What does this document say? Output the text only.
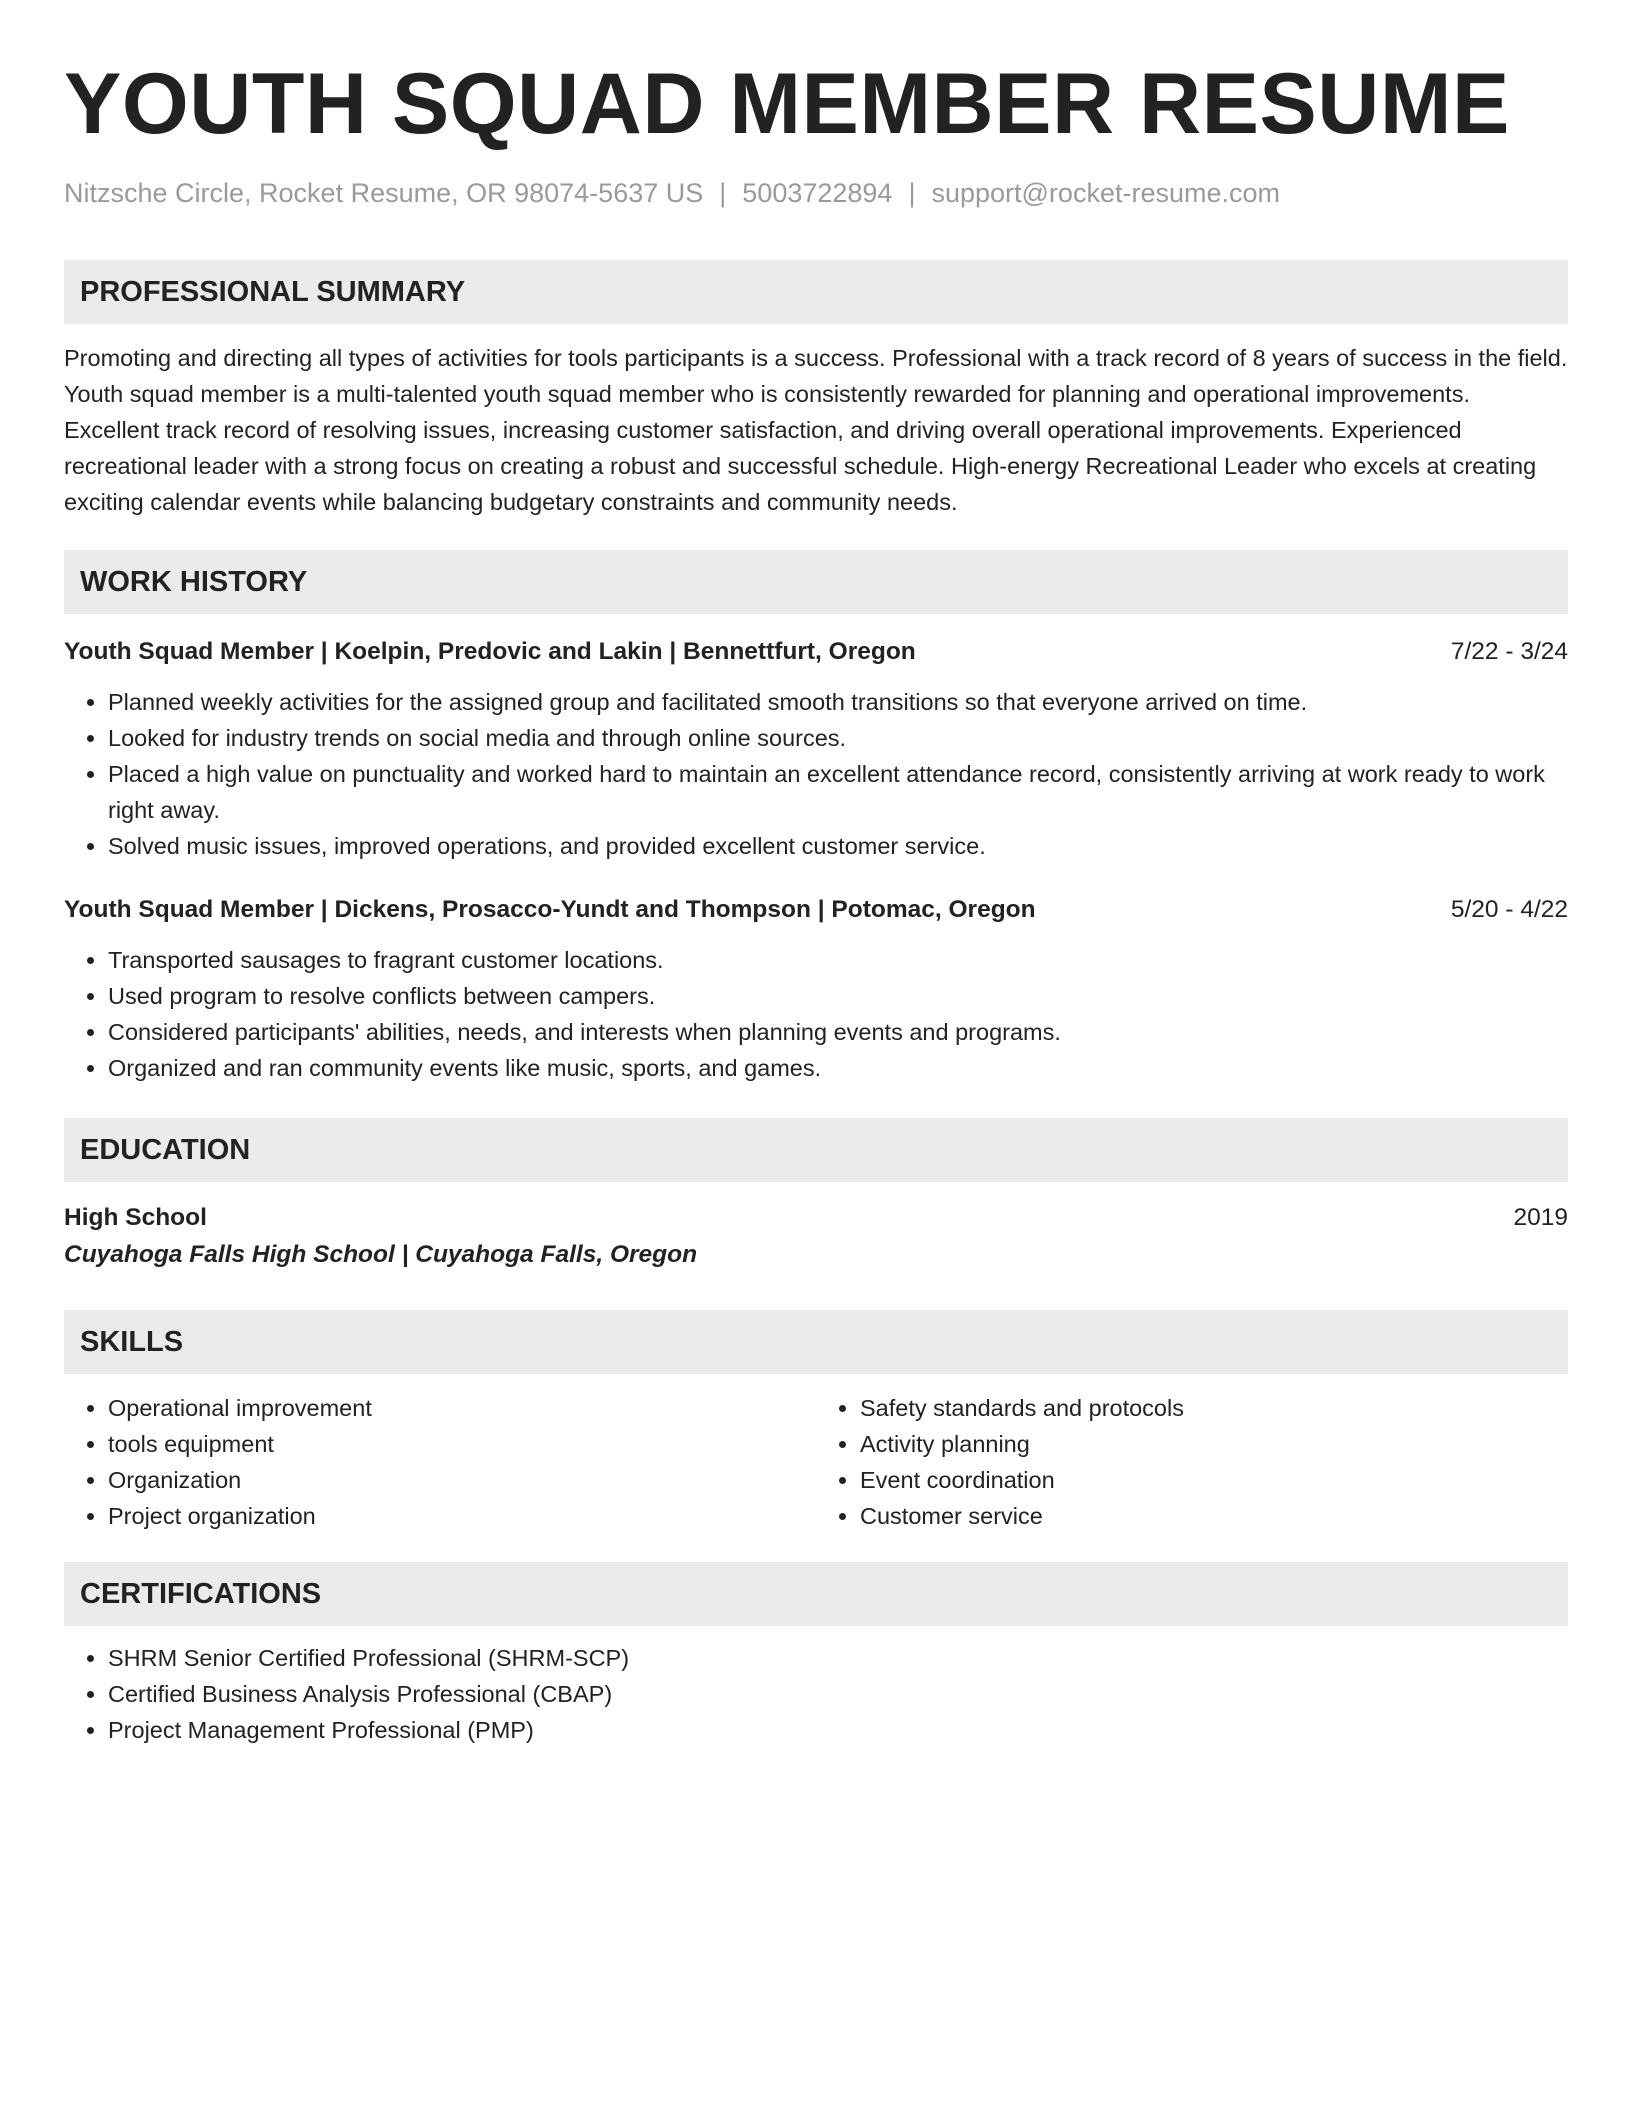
YOUTH SQUAD MEMBER RESUME
Nitzsche Circle, Rocket Resume, OR 98074-5637 US | 5003722894 | support@rocket-resume.com
PROFESSIONAL SUMMARY

Promoting and directing all types of activities for tools participants is a success. Professional with a track record of 8 years of success in the field. Youth squad member is a multi-talented youth squad member who is consistently rewarded for planning and operational improvements. Excellent track record of resolving issues, increasing customer satisfaction, and driving overall operational improvements. Experienced recreational leader with a strong focus on creating a robust and successful schedule. High-energy Recreational Leader who excels at creating exciting calendar events while balancing budgetary constraints and community needs.

WORK HISTORY
Youth Squad Member | Koelpin, Predovic and Lakin | Bennettfurt, Oregon	7/22 - 3/24
• Planned weekly activities for the assigned group and facilitated smooth transitions so that everyone arrived on time.
• Looked for industry trends on social media and through online sources.
• Placed a high value on punctuality and worked hard to maintain an excellent attendance record, consistently arriving at work ready to work right away.
• Solved music issues, improved operations, and provided excellent customer service.
Youth Squad Member | Dickens, Prosacco-Yundt and Thompson | Potomac, Oregon	5/20 - 4/22
• Transported sausages to fragrant customer locations.
• Used program to resolve conflicts between campers.
• Considered participants' abilities, needs, and interests when planning events and programs.
• Organized and ran community events like music, sports, and games.
EDUCATION
High School	2019
Cuyahoga Falls High School | Cuyahoga Falls, Oregon
SKILLS
• Operational improvement
• tools equipment
• Organization
• Project organization
• Safety standards and protocols
• Activity planning
• Event coordination
• Customer service
CERTIFICATIONS
• SHRM Senior Certified Professional (SHRM-SCP)
• Certified Business Analysis Professional (CBAP)
• Project Management Professional (PMP)
